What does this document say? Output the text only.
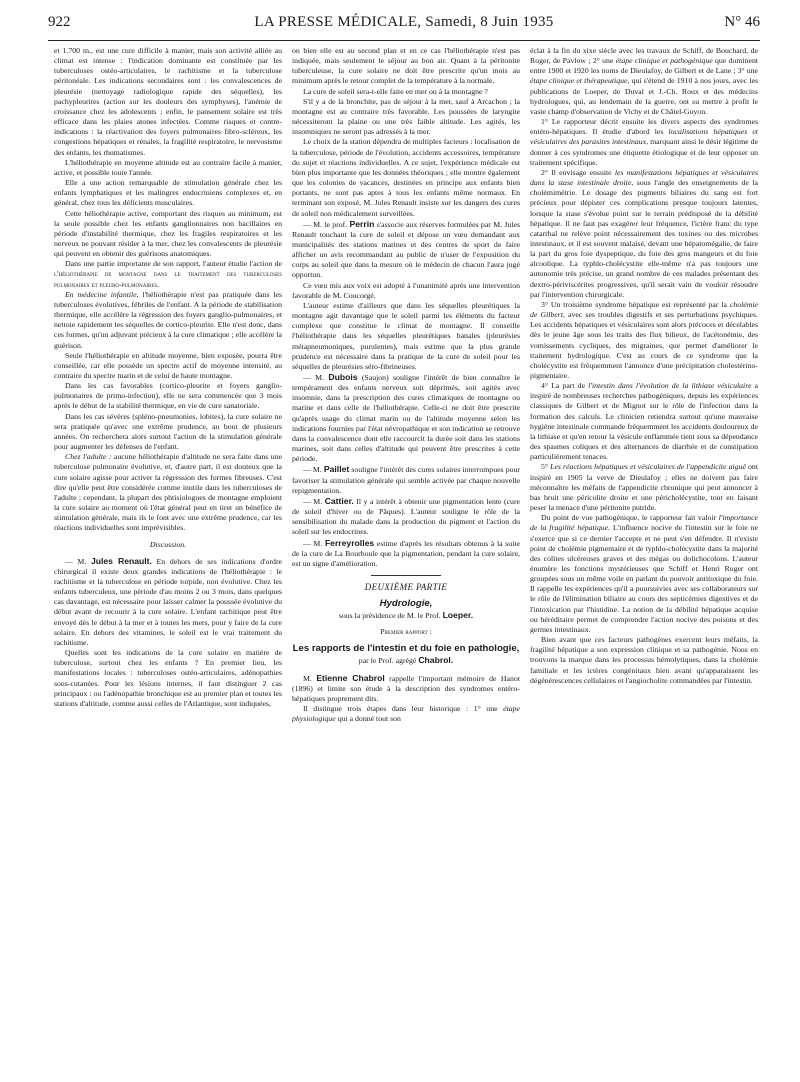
922	LA PRESSE MÉDICALE, Samedi, 8 Juin 1935	N° 46

et 1.700 m., est une cure difficile à manier, mais son activité alliée au climat est intense : l'indication dominante est constituée par les tuberculoses ostéo-articulaires, le rachitisme et la tuberculose péritonéale. Les indications secondaires sont : les convalescences de pleurésie (nettoyage radiologique rapide des séquelles), les pachypleurites (action sur les douleurs des symphyses), l'anémie de croissance chez les adolescents ; enfin, le pansement solaire est très efficace dans les plaies atones infectées. Comme risques et contre-indications : la réactivation des foyers pulmonaires fibro-scléreux, les congestions hépatiques et rénales, la fragilité respiratoire, le nervosisme des enfants, les rhumatismes.

L'héliothérapie en moyenne altitude est au contraire facile à manier, active, et possible toute l'année.

Elle a une action remarquable de stimulation générale chez les enfants lymphatiques et les malingres endocriniens complexes et, en général, chez tous les déficients musculaires.

Cette héliothérapie active, comportant des risques au minimum, est la seule possible chez les enfants ganglionnaires non bacillaires en période d'instabilité thermique, chez les fragiles respiratoires et les nerveux ne pouvant résider à la mer, chez les convalescents de pleurésie qui peuvent en obtenir des guérisons anatomiques.

Dans une partie importante de son rapport, l'auteur étudie l'action de l'héliothérapie de montagne dans le traitement des tuberculoses pulmonaires et pleuro-pulmonaires.

En médecine infantile, l'héliothérapie n'est pas pratiquée dans les tuberculoses évolutives, fébriles de l'enfant. A la période de stabilisation thermique, elle accélère la régression des foyers ganglio-pulmonaires, et nettoie rapidement les séquelles de cortico-pleurite. Elle n'est donc, dans ces formes, qu'un adjuvant précieux à la cure climatique ; elle accélère la guérison.

Seule l'héliothérapie en altitude moyenne, bien exposée, pourra être conseillée, car elle possède un spectre actif de moyenne intensité, au contraire du spectre marin et de celui de haute montagne.

Dans les cas favorables (cortico-pleurite et foyers ganglio-pulmonaires de primo-infection), elle ne sera commencée que 3 mois après le début de la stabilité thermique, en vie de cure sanatoriale.

Dans les cas sévères (spléno-pneumonies, lobites), la cure solaire ne sera pratiquée qu'avec une extrême prudence, au bout de plusieurs années. On recherchera alors surtout l'action de la stimulation générale pour augmenter les défenses de l'enfant.

Chez l'adulte : aucune héliothérapie d'altitude ne sera faite dans une tuberculose pulmonaire évolutive, et, d'autre part, il est douteux que la cure solaire agisse pour activer la régression des formes fibreuses. C'est dire qu'elle peut être considérée comme inutile dans les tuberculoses de l'adulte ; cependant, la plupart des phtisiologues de montagne emploient la cure solaire au moment où l'état général peut en tirer un bénéfice de stimulation générale, mais ils le font avec une extrême prudence, car les réactions individuelles sont imprévisibles.

Discussion.

— M. Jules Renault. En dehors de ses indications d'ordre chirurgical il existe deux grandes indications de l'héliothérapie : le rachitisme et la tuberculose en période torpide, non évolutive. Chez les enfants tuberculeux, une période d'au moins 2 ou 3 mois, dans quelques cas davantage, est nécessaire pour laisser calmer la poussée évolutive du début avant de recourir à la cure solaire. L'enfant rachitique peut être envoyé dès le début à la mer et à toutes les mers, pour y faire de la cure solaire. En dehors des vitamines, le soleil est le vrai traitement du rachitisme.

Quelles sont les indications de la cure solaire en matière de tuberculose, surtout chez les enfants ? En premier lieu, les manifestations locales : tuberculoses ostéo-articulaires, adénopathies sous-cutanées. Pour les lésions internes, il faut distinguer 2 cas principaux : ou l'adénopathie bronchique est au premier plan et toutes les stations d'altitude, comme aussi celles de l'Atlantique, sont indiquées,

ou bien elle est au second plan et en ce cas l'héliothérapie n'est pas indiquée, mais seulement le séjour au bon air. Quant à la péritonite tuberculeuse, la cure solaire ne doit être prescrite qu'un mois au minimum après le retour complet de la température à la normale.

La cure de soleil sera-t-elle faite en mer ou à la montagne ?

S'il y a de la bronchite, pas de séjour à la mer, sauf à Arcachon ; la montagne est au contraire très favorable. Les poussées de laryngite nécessiteront la plaine ou une très faible altitude. Les agités, les insomniques ne seront pas adressés à la mer.

Le choix de la station dépendra de multiples facteurs : localisation de la tuberculose, période de l'évolution, accidents accessoires, température du sujet et réactions individuelles. A ce sujet, l'expérience médicale est bien plus importante que les données théoriques ; elle montre également que les colonies de vacances, destinées en principe aux enfants bien portants, ne sont pas aptes à tous les enfants même normaux. En terminant son exposé, M. Jules Renault insiste sur les dangers des cures de soleil non médicalement surveillées.

— M. le prof. Perrin s'associe aux réserves formulées par M. Jules Renault touchant la cure de soleil et dépose un vœu demandant aux municipalités des stations marines et des centres de sport de faire afficher un avis recommandant au public de n'user de l'exposition du corps au soleil que dans la mesure où le médecin de chacun l'aura jugé opportun.

Ce vœu mis aux voix est adopté à l'unanimité après une intervention favorable de M. Coucorgé.

L'auteur estime d'ailleurs que dans les séquelles pleurétiques la montagne agit davantage que le soleil parmi les éléments du facteur complexe que constitue le climat de montagne. Il conseille l'héliothérapie dans les séquelles pleurétiques banales (pleurésies métapneumoniques, purulentes), mais estime que la plus grande prudence est nécessaire dans la pratique de la cure de soleil pour les séquelles de pleurésies séro-fibrineuses.

— M. Dubois (Saujon) souligne l'intérêt de bien connaître le tempérament des enfants nerveux soit déprimés, soit agités avec insomnie, dans la prescription des cures climatiques de montagne ou marine et dans celle de l'héliothérapie. Celle-ci ne doit être prescrite qu'après usage du climat marin ou de l'altitude moyenne selon les indications fournies par l'état névropathique et son indication se retrouve dans la convalescence dont elle raccourcit la durée soit dans les stations marines, soit dans celles d'altitude qui peuvent être prescrites à cette période.

— M. Paillet souligne l'intérêt des cures solaires interrompues pour favoriser la stimulation générale qui semble activée par chaque nouvelle repigmentation.

— M. Cattier. Il y a intérêt à obtenir une pigmentation lente (cure de soleil d'hiver ou de Pâques). L'auteur souligne le rôle de la sensibilisation du malade dans la production du pigment et l'action du soleil sur les endocrines.

— M. Ferreyrolles estime d'après les résultats obtenus à la suite de la cure de La Bourboule que la pigmentation, pendant la cure solaire, est un signe d'amélioration.

DEUXIÈME PARTIE

Hydrologie,

sous la présidence de M. le Prof. Loeper.

Premier rapport :

Les rapports de l'intestin et du foie en pathologie,

par le Prof. agrégé Chabrol.

M. Etienne Chabrol rappelle l'important mémoire de Hanot (1896) et limite son étude à la description des syndromes entéro-hépatiques proprement dits.

Il distingue trois étapes dans leur historique : 1° une étape physiologique qui a donné tout son

éclat à la fin du xixe siècle avec les travaux de Schiff, de Bouchard, de Roger, de Pavlow ; 2° une étape clinique et pathogénique que dominent entre 1900 et 1920 les noms de Dieulafoy, de Gilbert et de Lane ; 3° une étape clinique et thérapeutique, qui s'étend de 1910 à nos jours, avec les publications de Loeper, de Duval et J.-Ch. Roux et des médecins hydrologues, qui, au lendemain de la guerre, ont su mettre à profit le vaste champ d'observation de Vichy et de Châtel-Guyon.

1° Le rapporteur décrit ensuite les divers aspects des syndromes entéro-hépatiques. Il étudie d'abord les localisations hépatiques et vésiculaires des parasites intestinaux, marquant ainsi le désir légitime de donner à ces syndromes une étiquette étiologique et de leur opposer un traitement spécifique.

2° Il envisage ensuite les manifestations hépatiques et vésiculaires dans la stase intestinale droite, sous l'angle des enseignements de la cholémimétrie. Le dosage des pigments biliaires du sang est fort précieux pour dépister ces complications presque toujours latentes, lorsque la stase s'évolue point sur le terrain prédisposé de la débilité hépatique. Il ne faut pas exagérer leur fréquence, l'ictère franc du type catarrhal ne relève point nécessairement des toxines ou des microbes intestinaux, et il est souvent malaisé, devant une hépatomégalie, de faire la part du gros foie dyspeptique, du foie des gros mangeurs et du foie alcoolique. La typhlo-cholécystite elle-même n'a pas toujours une autonomie très précise, un grand nombre de ces malades présentant des dextro-périviscérites progressives, qu'il serait vain de vouloir résoudre par l'intervention chirurgicale.

3° Un troisième syndrome hépatique est représenté par la cholémie de Gilbert, avec ses troubles digestifs et ses perturbations psychiques. Les accidents hépatiques et vésiculaires sont alors précoces et décelables dès le jeune âge sous les traits des flux bilieux, de l'acétonémie, des vomissements cycliques, des migraines, que permet d'améliorer le traitement hydrologique. C'est au cours de ce syndrome que la cholécystite est fréquemment l'annonce d'une précipitation cholestérino-pigmentaire.

4° La part de l'intestin dans l'évolution de la lithiase vésiculaire a inspiré de nombreuses recherches pathogéniques, depuis les expériences classiques de Gilbert et de Mignot sur le rôle de l'infection dans la formation des calculs. Le clinicien retiendra surtout qu'une mauvaise hygiène intestinale commande fréquemment les accidents douloureux de la lithiase et qu'en retour la vésicule enflammée tient sous sa dépendance des spasmes coliques et des alternances de diarrhée et de constipation particulièrement tenaces.

5° Les réactions hépatiques et vésiculaires de l'appendicite aiguë ont inspiré en 1905 la verve de Dieulafoy ; elles ne doivent pas faire méconnaître les méfaits de l'appendicite chronique qui peut annoncer à bas bruit une péricolite droite et une péricholécystite, tout en faisant peser la menace d'une péritonite putride.

Du point de vue pathogénique, le rapporteur fait valoir l'importance de la fragilité hépatique. L'influence nocive de l'intestin sur le foie ne s'exerce que si ce dernier l'accepte et ne peut s'en défendre. Il n'existe point de cholémie pigmentaire et de typhlo-cholécystite dans la majorité des colites ulcéreuses graves et des mégas ou dolichocolons. L'auteur énumère les fonctions mystérieuses que Schiff et Henri Roger ont groupées sous un même voile en parlant du pouvoir antitoxique du foie. Il rappelle les expériences qu'il a poursuivies avec ses collaborateurs sur le rôle de l'élimination biliaire au cours des septicémies digestives et de l'intoxication par l'histidine. La notion de la débilité hépatique acquise ou héréditaire permet de comprendre l'action nocive des poisons et des germes intestinaux.

Bien avant que ces facteurs pathogènes exercent leurs méfaits, la fragilité hépatique a son expression clinique et sa pathogénie. Nous en trouvons la marque dans les processus hémolytiques, dans la cholémie familiale et les ictères congénitaux bien avant qu'apparaissent les dégénérescences cellulaires et l'angiocholite commandées par l'intestin.
